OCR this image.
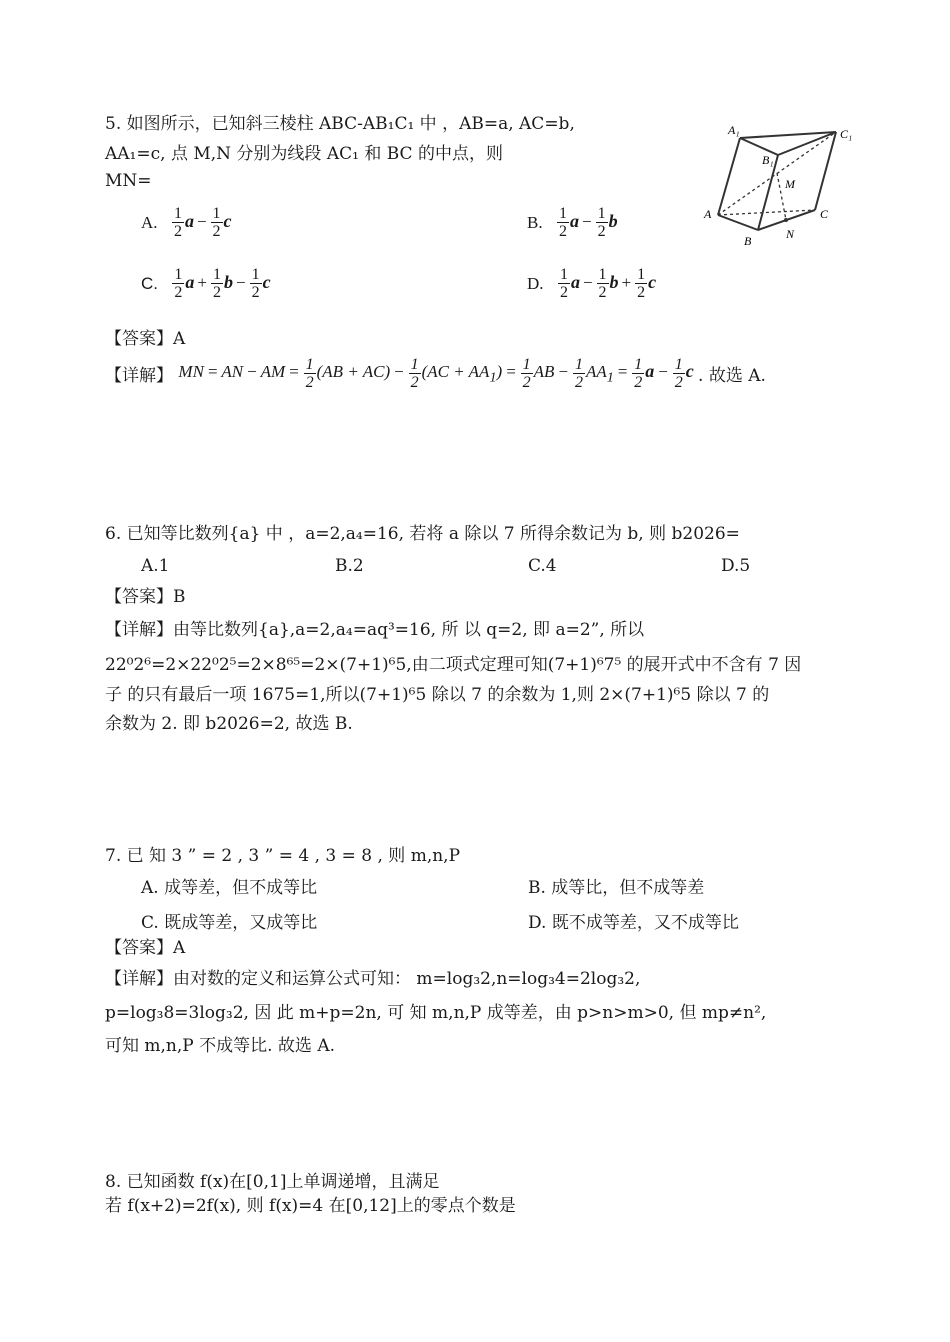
5. 如图所示，已知斜三棱柱 ABC-AB₁C₁ 中 ，AB=a, AC=b,
AA₁=c, 点 M,N 分别为线段 AC₁ 和 BC 的中点，则
MN=
A₁	C₁
B₁
M
A	C
B	N
A. $\frac{1}{2}$ $a - \frac{1}{2}$ c	B. $\frac{1}{2}$ $a - \frac{1}{2}$ b
C. $\frac{1}{2}$ $a + \frac{1}{2}$ $b - \frac{1}{2}$ c	D. $\frac{1}{2}$ $a - \frac{1}{2}$ $b + \frac{1}{2}$ c
【答案】A
【详解】 MN = AN − AM = $\frac{1}{2} (AB + AC) - \frac{1}{2} (AC + AA_1) = \frac{1}{2}$ AB − $\frac{1}{2} AA_1 = \frac{1}{2}$ $a - \frac{1}{2}$ c . 故选 A.
6. 已知等比数列{a} 中 ，a=2,a₄=16, 若将 a 除以 7 所得余数记为 b, 则 b2026=
A.1	B.2	C.4	D.5
【答案】B
【详解】由等比数列{a},a=2,a₄=aq³=16, 所 以 q=2, 即 a=2”, 所以
22⁰2⁶=2×22⁰2⁵=2×8⁶⁵=2×(7+1)⁶5,由二项式定理可知(7+1)⁶7⁵ 的展开式中不含有 7 因
子 的只有最后一项 1675=1,所以(7+1)⁶5 除以 7 的余数为 1,则 2×(7+1)⁶5 除以 7 的
余数为 2. 即 b2026=2, 故选 B.
7. 已 知 3 ” = 2 , 3 ” = 4 , 3 = 8 , 则 m,n,P
A. 成等差，但不成等比	B. 成等比，但不成等差
C. 既成等差，又成等比	D. 既不成等差，又不成等比
【答案】A
【详解】由对数的定义和运算公式可知： m=log₃2,n=log₃4=2log₃2,
p=log₃8=3log₃2, 因 此 m+p=2n, 可 知 m,n,P 成等差，由 p>n>m>0, 但 mp≠n²,
可知 m,n,P 不成等比. 故选 A.
8. 已知函数 f(x)在[0,1]上单调递增，且满足
若 f(x+2)=2f(x), 则 f(x)=4 在[0,12]上的零点个数是
